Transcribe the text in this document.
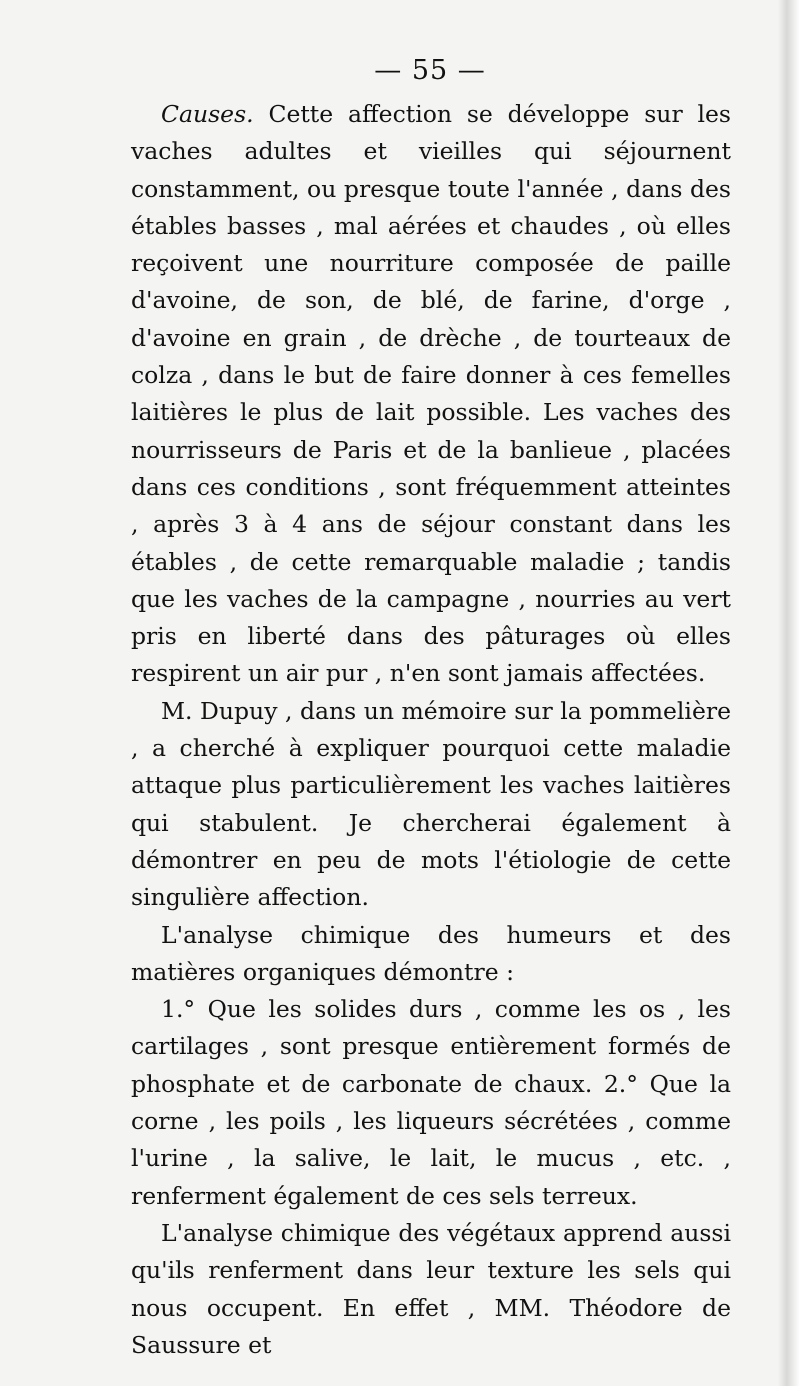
— 55 —

Causes. Cette affection se développe sur les vaches adultes et vieilles qui séjournent constamment, ou presque toute l'année , dans des étables basses , mal aérées et chaudes , où elles reçoivent une nourriture composée de paille d'avoine, de son, de blé, de farine, d'orge , d'avoine en grain , de drèche , de tourteaux de colza , dans le but de faire donner à ces femelles laitières le plus de lait possible. Les vaches des nourrisseurs de Paris et de la banlieue , placées dans ces conditions , sont fréquemment atteintes , après 3 à 4 ans de séjour constant dans les étables , de cette remarquable maladie ; tandis que les vaches de la campagne , nourries au vert pris en liberté dans des pâturages où elles respirent un air pur , n'en sont jamais affectées.

M. Dupuy , dans un mémoire sur la pommelière , a cherché à expliquer pourquoi cette maladie attaque plus particulièrement les vaches laitières qui stabulent. Je chercherai également à démontrer en peu de mots l'étiologie de cette singulière affection.

L'analyse chimique des humeurs et des matières organiques démontre :

1.° Que les solides durs , comme les os , les cartilages , sont presque entièrement formés de phosphate et de carbonate de chaux. 2.° Que la corne , les poils , les liqueurs sécrétées , comme l'urine , la salive, le lait, le mucus , etc. , renferment également de ces sels terreux.

L'analyse chimique des végétaux apprend aussi qu'ils renferment dans leur texture les sels qui nous occupent. En effet , MM. Théodore de Saussure et
